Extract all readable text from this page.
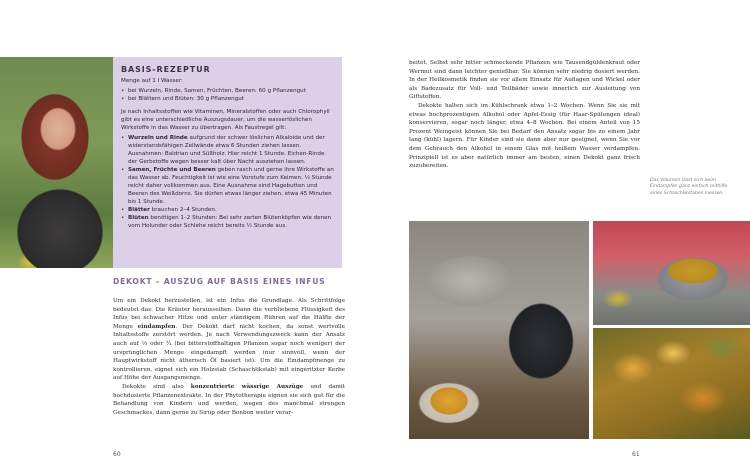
BASIS-REZEPTUR

Menge auf 1 l Wasser:

• bei Wurzeln, Rinde, Samen, Früchten, Beeren: 60 g Pflanzengut
• bei Blättern und Blüten: 30 g Pflanzengut

Je nach Inhaltsstoffen wie Vitaminen, Mineralstoffen oder auch Chlorophyll gibt es eine unterschiedliche Auszugsdauer, um die wasserlöslichen Wirkstoffe in das Wasser zu übertragen. Als Faustregel gilt:

• Wurzeln und Rinde aufgrund der schwer löslichen Alkaloide und der widerstandsfähigen Zellwände etwa 6 Stunden ziehen lassen. Ausnahmen: Baldrian und Süßholz. Hier reicht 1 Stunde. Eichen-Rinde der Gerbstoffe wegen besser kalt über Nacht ausziehen lassen.
• Samen, Früchte und Beeren geben rasch und gerne ihre Wirkstoffe an das Wasser ab. Feuchtigkeit ist wie eine Vorstufe zum Keimen. ½ Stunde reicht daher vollkommen aus. Eine Ausnahme sind Hagebutten und Beeren des Weißdorns. Sie dürfen etwas länger ziehen, etwa 45 Minuten bis 1 Stunde.
• Blätter brauchen 2–4 Stunden.
• Blüten benötigen 1–2 Stunden: Bei sehr zarten Blütenköpfen wie denen vom Holunder oder Schlehe reicht bereits ½ Stunde aus.
DEKOKT – AUSZUG AUF BASIS EINES INFUS

Um ein Dekokt herzustellen, ist ein Infus die Grundlage. Als Schrittfolge bedeutet das: Die Kräuter herausseihen. Dann die verbliebene Flüssigkeit des Infus bei schwacher Hitze und unter ständigem Rühren auf die Hälfte der Menge eindampfen. Der Dekokt darf nicht kochen, da sonst wertvolle Inhaltsstoffe zerstört werden. Je nach Verwendungszweck kann der Ansatz auch auf ⅓ oder ¼ (bei bitterstoffhaltigen Pflanzen sogar noch weniger) der ursprünglichen Menge eingedampft werden (nur sinnvoll, wenn der Hauptwirkstoff nicht ätherisch Öl basiert ist). Um die Eindampfmenge zu kontrollieren, eignet sich ein Holzstab (Schaschlikstab) mit eingeritzter Kerbe auf Höhe der Ausgangsmenge.

Dekokte sind also konzentrierte wässrige Auszüge und damit hochdosierte Pflanzenextrakte. In der Phytotherapie eignen sie sich gut für die Behandlung von Kindern und werden, wegen des manchmal strengen Geschmackes, dann gerne zu Sirup oder Bonbon weiter verar-

60

beitet. Selbst sehr bitter schmeckende Pflanzen wie Tausendgüldenkraut oder Wermut sind dann leichter genießbar. Sie können sehr niedrig dosiert werden. In der Heilkosmetik finden sie vor allem Einsatz für Auflagen und Wickel oder als Badezusatz für Voll- und Teilbäder sowie innerlich zur Ausleitung von Giftstoffen.

Dekokte halten sich im Kühlschrank etwa 1–2 Wochen. Wenn Sie sie mit etwas hochprozentigem Alkohol oder Apfel-Essig (für Haar-Spülungen ideal) konservieren, sogar noch länger, etwa 4–8 Wochen. Bei einem Anteil von 15 Prozent Weingeist können Sie bei Bedarf den Ansatz sogar bis zu einem Jahr lang (kühl) lagern. Für Kinder sind sie dann aber nur geeignet, wenn Sie vor dem Gebrauch den Alkohol in einem Glas mit heißem Wasser verdampfen. Prinzipiell ist es aber natürlich immer am besten, einen Dekokt ganz frisch zuzubereiten.

Das Volumen lässt sich beim Eindampfen ganz einfach mithilfe eines Schaschlikstabes messen.
61
